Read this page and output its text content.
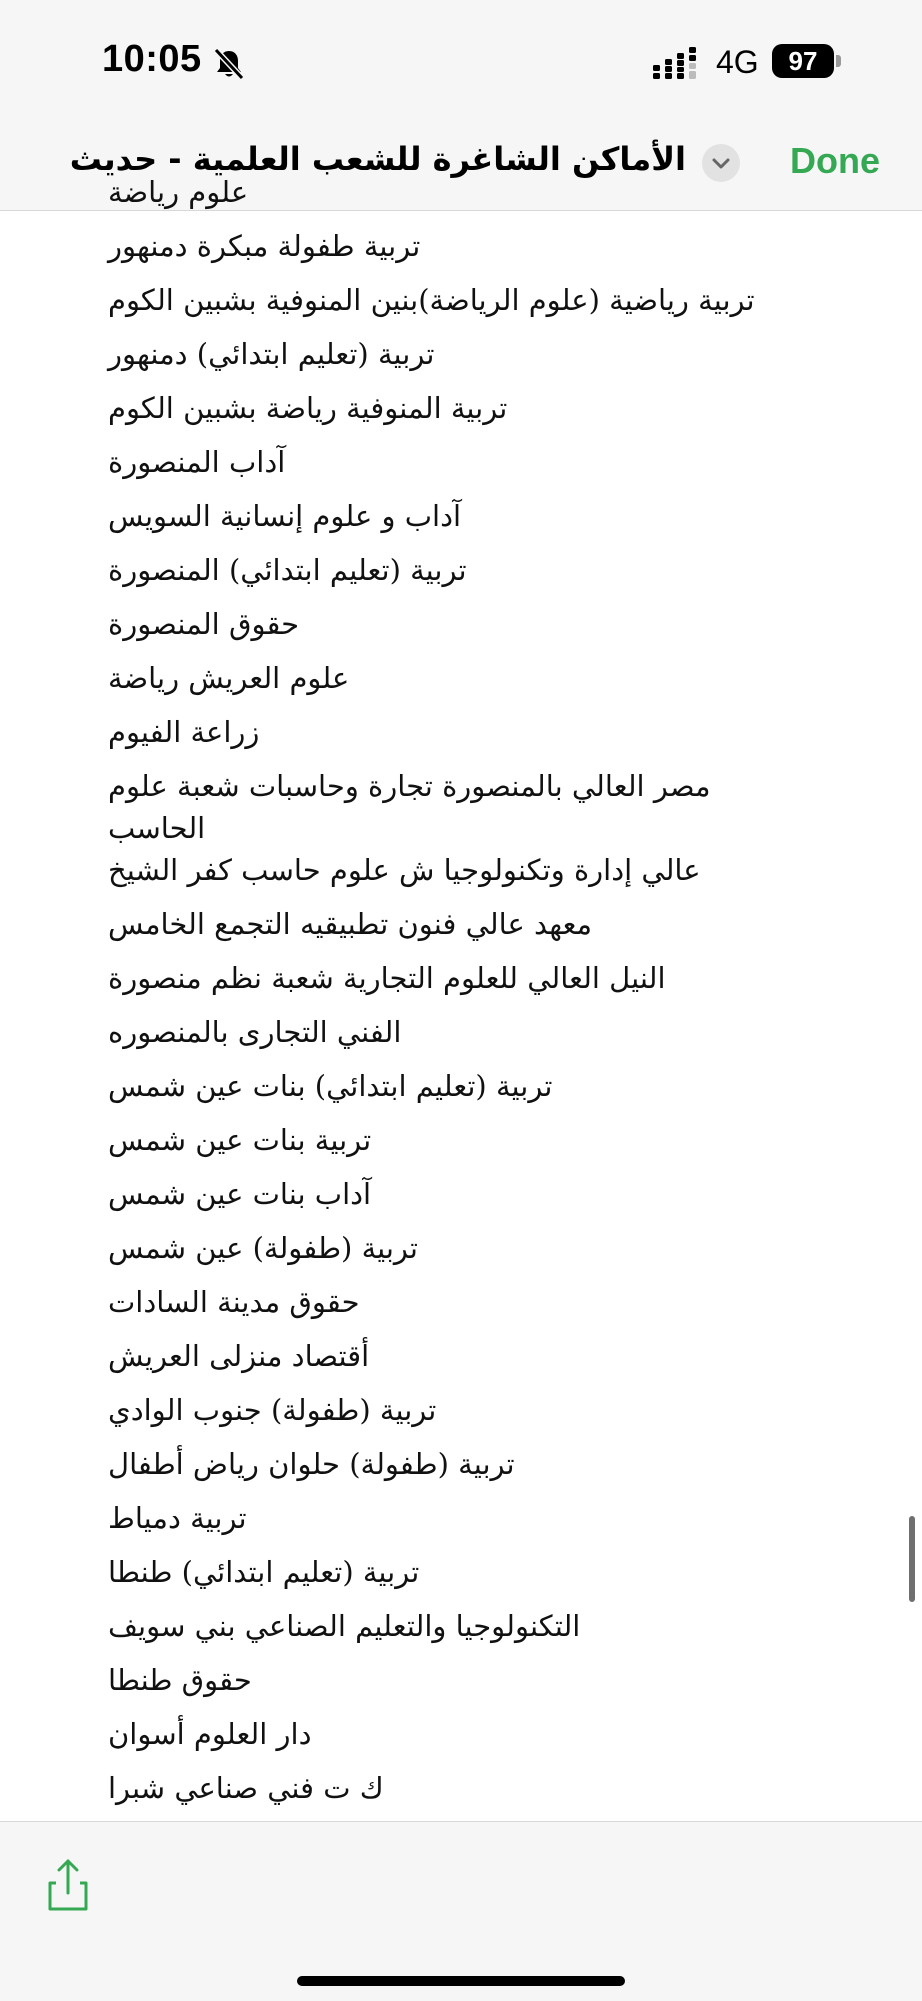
10:05	4G	97
الأماكن الشاغرة للشعب العلمية - حديث	Done
علوم رياضة
تربية طفولة مبكرة دمنهور
تربية رياضية (علوم الرياضة)بنين المنوفية بشبين الكوم
تربية (تعليم ابتدائي) دمنهور
تربية المنوفية رياضة بشبين الكوم
آداب المنصورة
آداب و علوم إنسانية السويس
تربية (تعليم ابتدائي) المنصورة
حقوق المنصورة
علوم العريش رياضة
زراعة الفيوم
مصر العالي بالمنصورة تجارة وحاسبات شعبة علوم الحاسب
عالي إدارة وتكنولوجيا ش علوم حاسب كفر الشيخ
معهد عالي فنون تطبيقيه التجمع الخامس
النيل العالي للعلوم التجارية شعبة نظم منصورة
الفني التجارى بالمنصوره
تربية (تعليم ابتدائي) بنات عين شمس
تربية بنات عين شمس
آداب بنات عين شمس
تربية (طفولة) عين شمس
حقوق مدينة السادات
أقتصاد منزلى العريش
تربية (طفولة) جنوب الوادي
تربية (طفولة) حلوان رياض أطفال
تربية دمياط
تربية (تعليم ابتدائي) طنطا
التكنولوجيا والتعليم الصناعي بني سويف
حقوق طنطا
دار العلوم أسوان
ك ت فني صناعي شبرا
